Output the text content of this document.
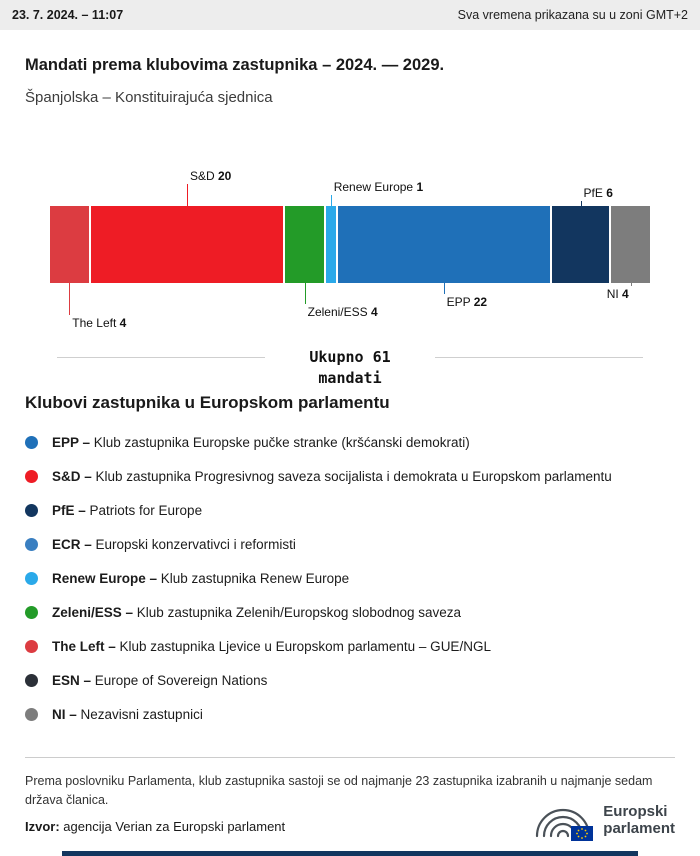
23. 7. 2024. – 11:07	Sva vremena prikazana su u zoni GMT+2
Mandati prema klubovima zastupnika – 2024. — 2029.
Španjolska – Konstituirajuća sjednica
The Left 4
S&D 20
Zeleni/ESS 4
Renew Europe 1
EPP 22
PfE 6
NI 4
Ukupno 61
mandati
Klubovi zastupnika u Europskom parlamentu
EPP – Klub zastupnika Europske pučke stranke (kršćanski demokrati)
S&D – Klub zastupnika Progresivnog saveza socijalista i demokrata u Europskom parlamentu
PfE – Patriots for Europe
ECR – Europski konzervativci i reformisti
Renew Europe – Klub zastupnika Renew Europe
Zeleni/ESS – Klub zastupnika Zelenih/Europskog slobodnog saveza
The Left – Klub zastupnika Ljevice u Europskom parlamentu – GUE/NGL
ESN – Europe of Sovereign Nations
NI – Nezavisni zastupnici
Prema poslovniku Parlamenta, klub zastupnika sastoji se od najmanje 23 zastupnika izabranih u najmanje sedam država članica.
Izvor: agencija Verian za Europski parlament
Europski
parlament
